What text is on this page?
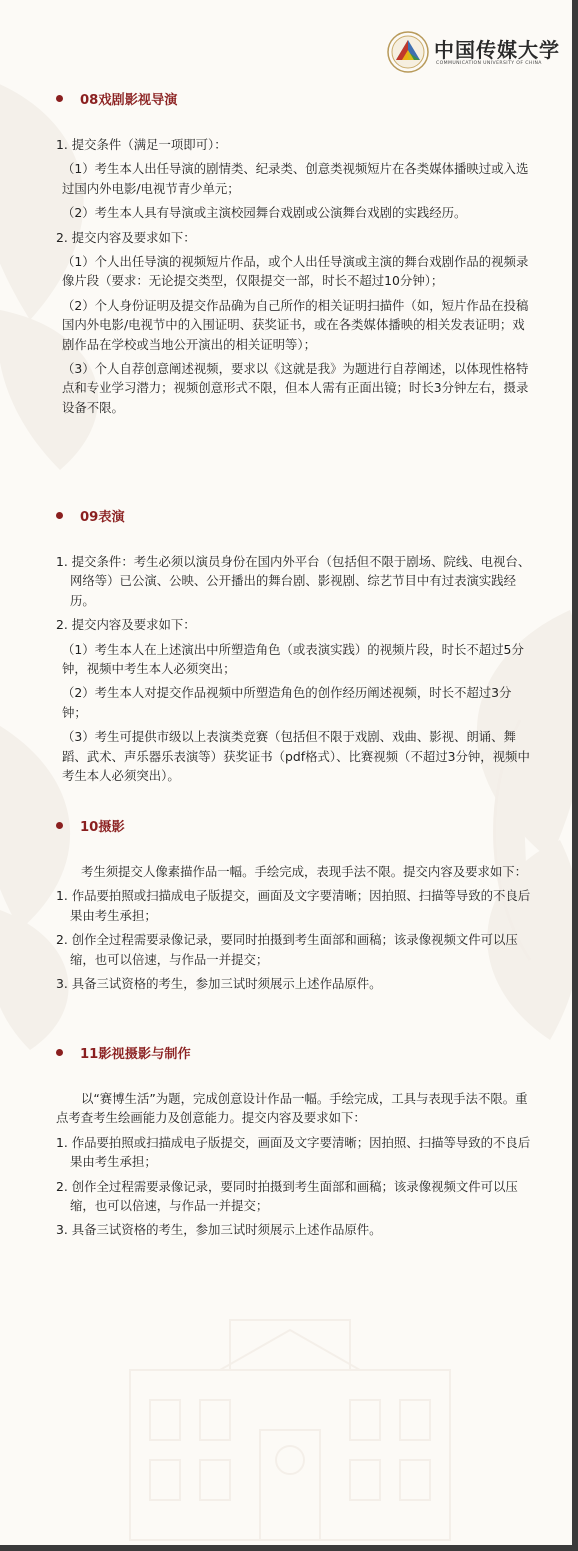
中国传媒大学
COMMUNICATION UNIVERSITY OF CHINA
08戏剧影视导演

1. 提交条件（满足一项即可）：

（1）考生本人出任导演的剧情类、纪录类、创意类视频短片在各类媒体播映过或入选过国内外电影/电视节青少单元；

（2）考生本人具有导演或主演校园舞台戏剧或公演舞台戏剧的实践经历。

2. 提交内容及要求如下：

（1）个人出任导演的视频短片作品，或个人出任导演或主演的舞台戏剧作品的视频录像片段（要求：无论提交类型，仅限提交一部，时长不超过10分钟）；

（2）个人身份证明及提交作品确为自己所作的相关证明扫描件（如，短片作品在投稿国内外电影/电视节中的入围证明、获奖证书，或在各类媒体播映的相关发表证明；戏剧作品在学校或当地公开演出的相关证明等）；

（3）个人自荐创意阐述视频，要求以《这就是我》为题进行自荐阐述，以体现性格特点和专业学习潜力；视频创意形式不限，但本人需有正面出镜；时长3分钟左右，摄录设备不限。

09表演

1. 提交条件：考生必须以演员身份在国内外平台（包括但不限于剧场、院线、电视台、网络等）已公演、公映、公开播出的舞台剧、影视剧、综艺节目中有过表演实践经历。

2. 提交内容及要求如下：

（1）考生本人在上述演出中所塑造角色（或表演实践）的视频片段，时长不超过5分钟，视频中考生本人必须突出；

（2）考生本人对提交作品视频中所塑造角色的创作经历阐述视频，时长不超过3分钟；

（3）考生可提供市级以上表演类竞赛（包括但不限于戏剧、戏曲、影视、朗诵、舞蹈、武术、声乐器乐表演等）获奖证书（pdf格式）、比赛视频（不超过3分钟，视频中考生本人必须突出）。

10摄影

考生须提交人像素描作品一幅。手绘完成，表现手法不限。提交内容及要求如下：

1. 作品要拍照或扫描成电子版提交，画面及文字要清晰；因拍照、扫描等导致的不良后果由考生承担；

2. 创作全过程需要录像记录，要同时拍摄到考生面部和画稿；该录像视频文件可以压缩，也可以倍速，与作品一并提交；

3. 具备三试资格的考生，参加三试时须展示上述作品原件。

11影视摄影与制作

以“赛博生活”为题，完成创意设计作品一幅。手绘完成，工具与表现手法不限。重点考查考生绘画能力及创意能力。提交内容及要求如下：

1. 作品要拍照或扫描成电子版提交，画面及文字要清晰；因拍照、扫描等导致的不良后果由考生承担；

2. 创作全过程需要录像记录，要同时拍摄到考生面部和画稿；该录像视频文件可以压缩，也可以倍速，与作品一并提交；

3. 具备三试资格的考生，参加三试时须展示上述作品原件。
